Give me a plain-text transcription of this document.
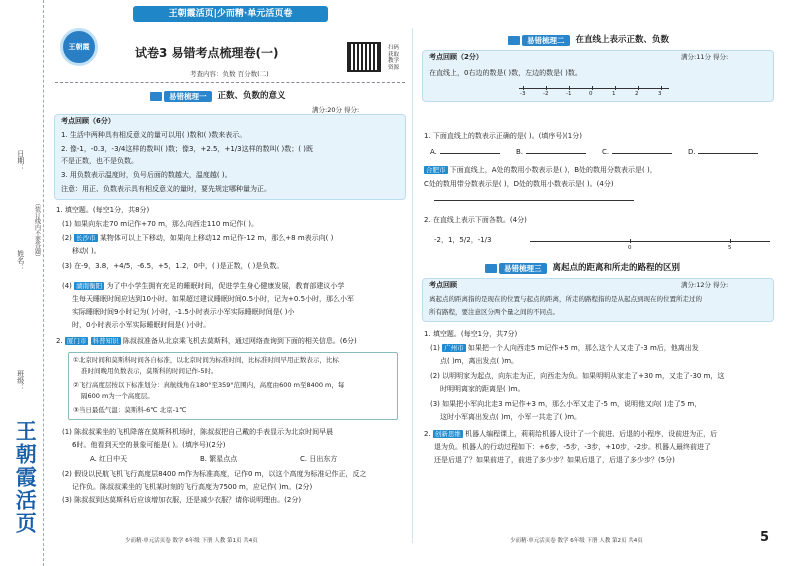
日期：
姓名：
班级：
（装订线内不要答题）
王朝霞活页
王朝霞活页|少而精·单元活页卷
王朝霞	试卷3 易错考点梳理卷(一)
考查内容：负数 百分数(二)
扫码获取教学资源
易错梳理一	正数、负数的意义
满分:20分 得分:
考点回顾（6分）
1. 生活中两种具有相反意义的量可以用( )数和( )数来表示。
2. 像-1，-0.3，-3/4这样的数叫( )数；像3，+2.5，+1/3这样的数叫( )数；( )既
不是正数，也不是负数。
3. 用负数表示温度时，负号后面的数越大，温度越( )。
注意：用正、负数表示具有相反意义的量时，要先规定哪种量为正。
1. 填空题。(每空1分，共8分)
(1) 如果向东走70 m记作+70 m，那么向西走110 m记作( )。
(2) 长沙市 某物体可以上下移动，如果向上移动12 m记作-12 m，那么+8 m表示向( )
移动( )。
(3) 在-9，3.8，+4/5，-6.5，+5，1.2，0中，( )是正数，( )是负数。
(4) 湖南衡阳 为了中小学生拥有充足的睡眠时间，促进学生身心健康发展，教育部建议小学
生每天睡眠时间应达到10小时。如果超过建议睡眠时间0.5小时，记为+0.5小时，那么小军
实际睡眠时间9小时记为( )小时，-1.5小时表示小军实际睡眠时间是( )小
时，0小时表示小军实际睡眠时间是( )小时。
2. 厦门市 科普知识 陈叔叔准备从北京乘飞机去莫斯科，通过网络查询到下面的相关信息。(6分)
①北京时间和莫斯科时间各自标准，以北京时间为标准时间，比标准时间早用正数表示，比标
准时间晚用负数表示，莫斯科的时间记作-5时。
②飞行高度层按以下标准划分：真航线角在180°至359°范围内，高度由600 m至8400 m，每
隔600 m为一个高度层。
③当日最低气温：莫斯科-6℃ 北京-1℃
(1) 陈叔叔乘坐的飞机降落在莫斯科机场时，陈叔叔把自己戴的手表显示为北京时间早晨
6时。他看到天空的景象可能是( )。(填序号)(2分)
A. 红日中天	B. 繁星点点	C. 日出东方
(2) 假设以民航飞机飞行高度层8400 m作为标准高度，记作0 m，以这个高度为标准记作正，反之
记作负。陈叔叔乘坐的飞机某时刻的飞行高度为7500 m，应记作( )m。(2分)
(3) 陈叔叔到达莫斯科后应该增加衣服，还是减少衣服？请你说明理由。(2分)
少而精·单元活页卷 数学 6年级 下册 人教 第1页 共4页
易错梳理二	在直线上表示正数、负数
考点回顾（2分）	满分:11分 得分:
在直线上，0右边的数是( )数，左边的数是( )数。
-3	-2	-1	0	1	2	3
1. 下面直线上的数表示正确的是( )。(填序号)(1分)
A.	B.	C.	D.
合肥市 下面直线上，A处的数用小数表示是( )，B处的数用分数表示是( )，
C处的数用带分数表示是( )，D处的数用小数表示是( )。(4分)
2. 在直线上表示下面各数。(4分)
-2，1，5/2，-1/3
0	5
易错梳理三	离起点的距离和所走的路程的区别
考点回顾	满分:12分 得分:
离起点的距离指的是现在的位置与起点的距离，所走的路程指的是从起点到现在的位置所走过的
所有路程，要注意区分两个量之间的不同点。
1. 填空题。(每空1分，共7分)
(1) 广州市 如果把一个人向西走5 m记作+5 m，那么这个人又走了-3 m后，他离出发
点( )m，离出发点( )m。
(2) 以明明家为起点，向东走为正，向西走为负。如果明明从家走了+30 m，又走了-30 m，这
时明明离家的距离是( )m。
(3) 如果把小军向北走3 m记作+3 m，那么小军又走了-5 m，说明他又向( )走了5 m，
这时小军离出发点( )m，小军一共走了( )m。
2. 创新思维 机器人编程课上，莉莉给机器人设计了一个前进、后退的小程序，设前进为正，后
退为负。机器人的行动过程如下：+6步，-5步，-3步，+10步，-2步。机器人最终前进了
还是后退了？如果前进了，前进了多少步？如果后退了，后退了多少步？(5分)
少而精·单元活页卷 数学 6年级 下册 人教 第2页 共4页	5
